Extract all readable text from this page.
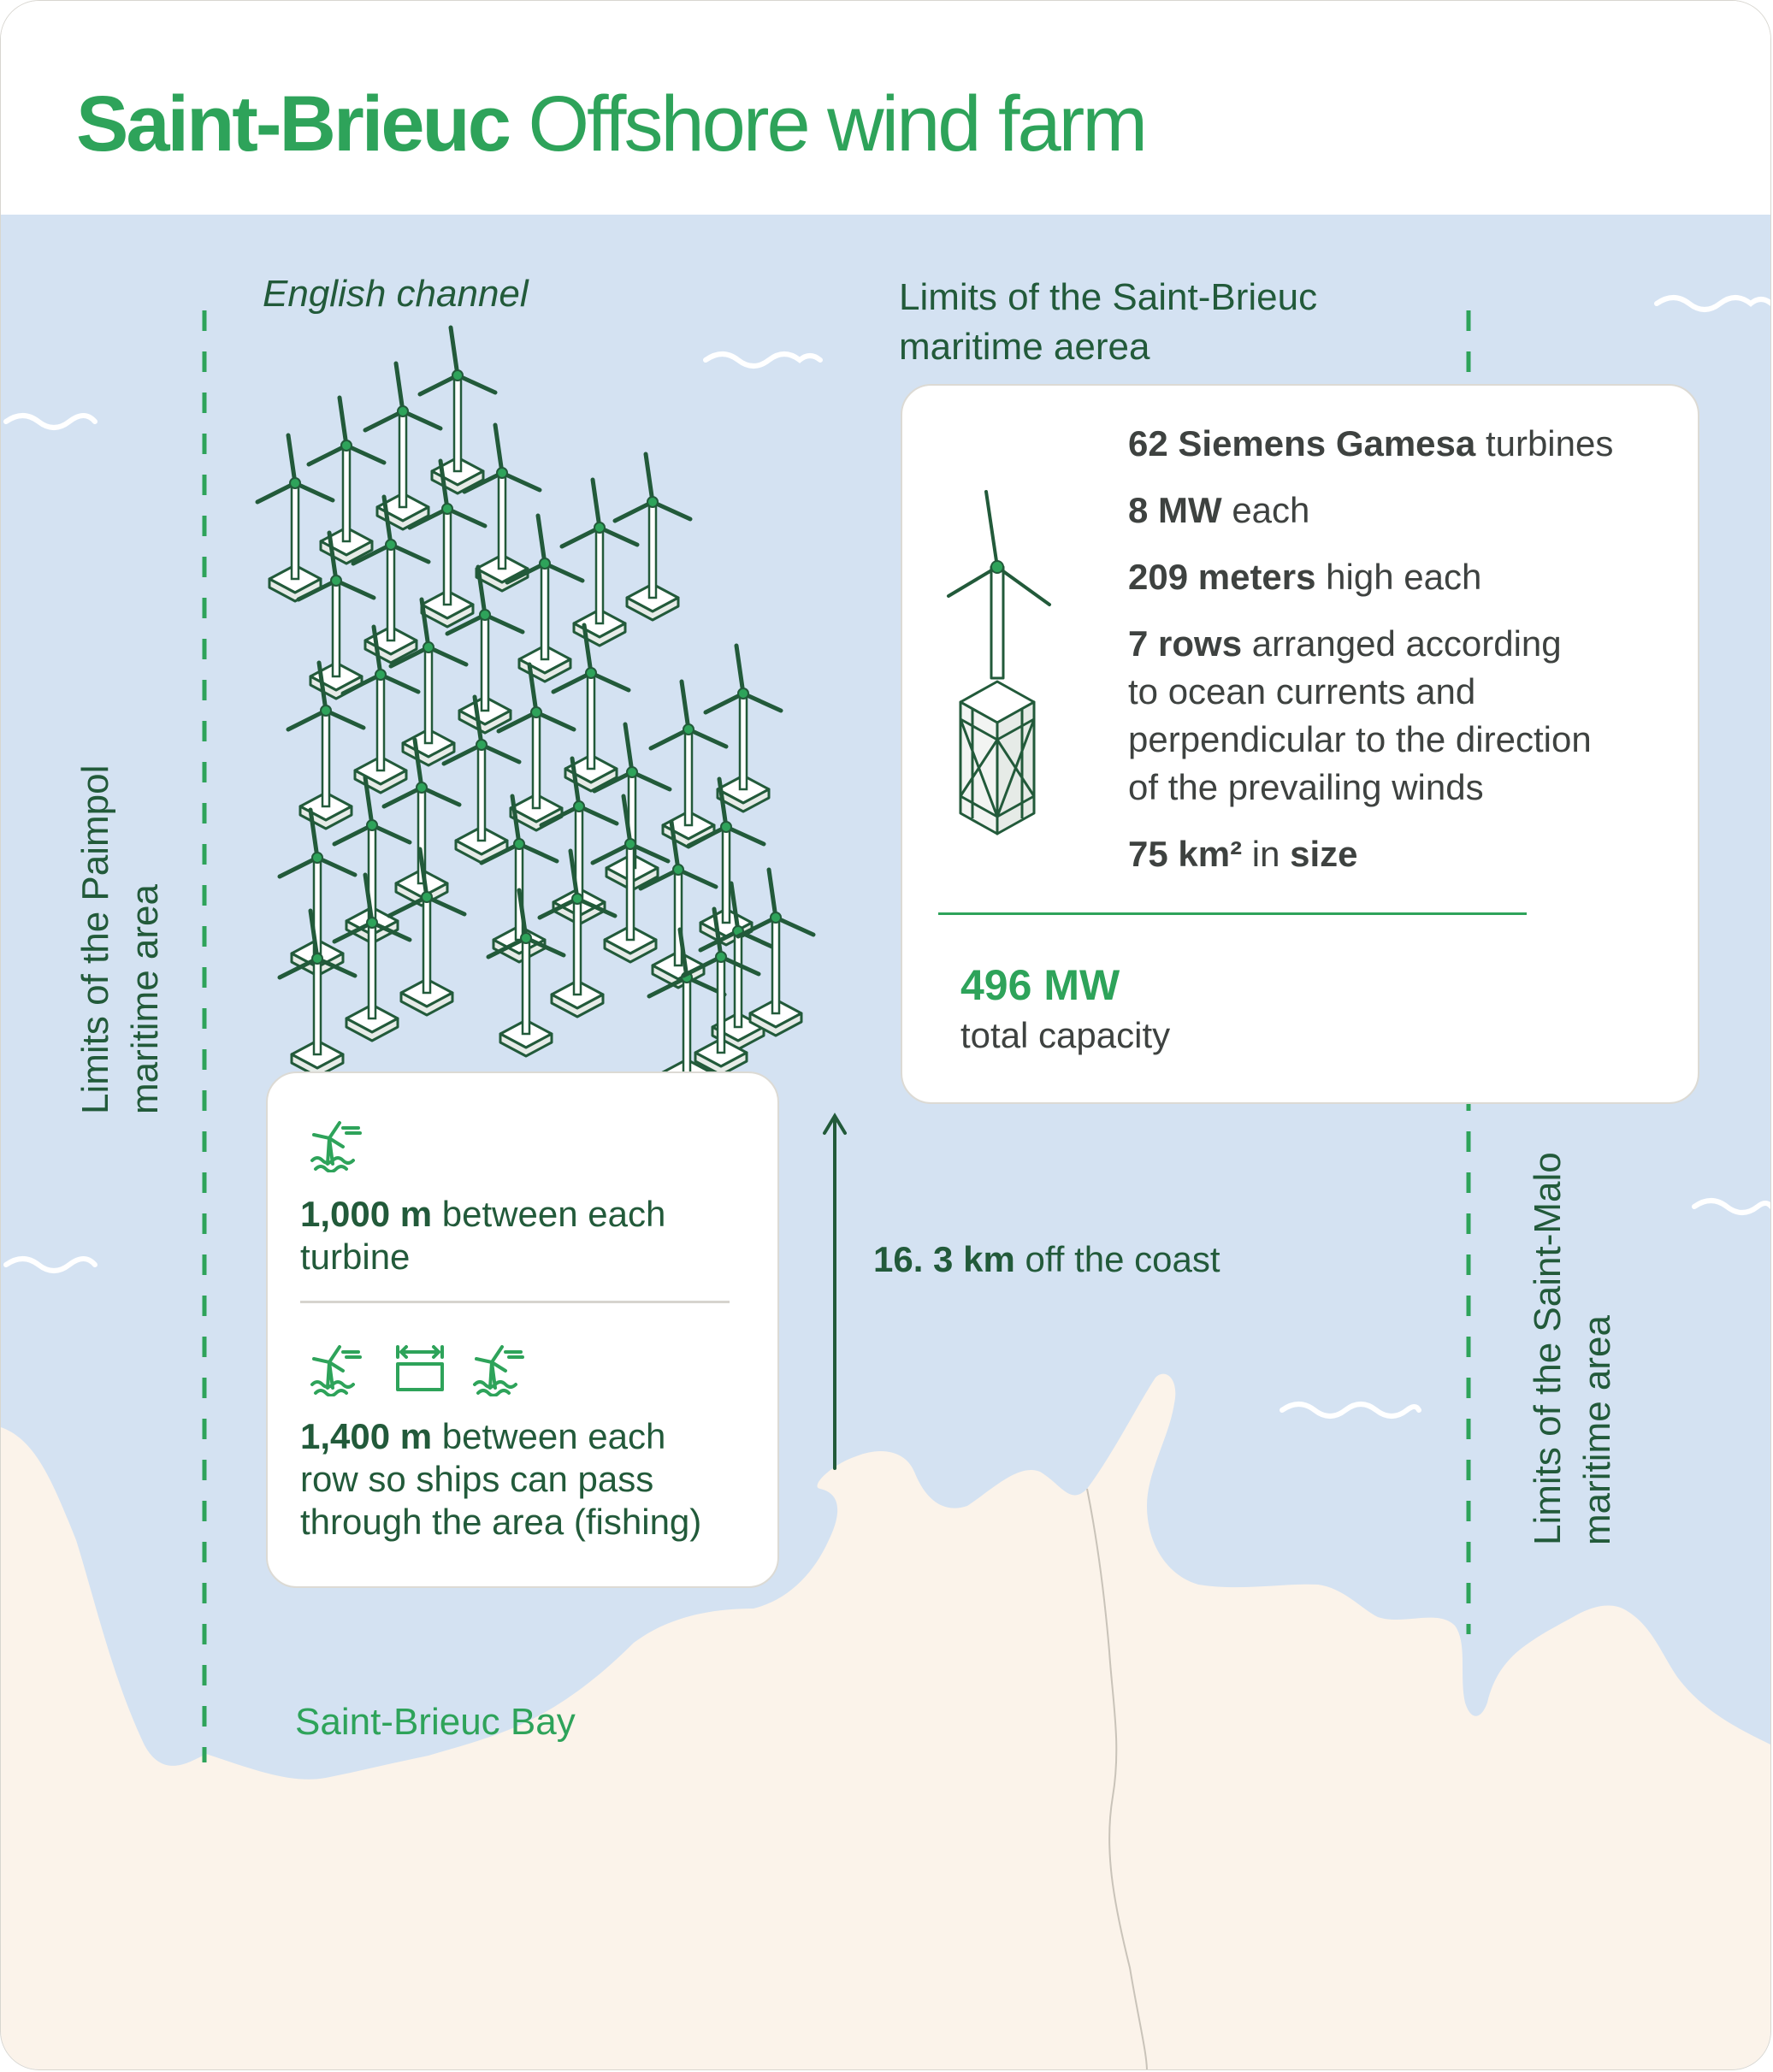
Saint-Brieuc Offshore wind farm
English channel	Limits of the Saint-Brieuc
maritime aerea
Limits of the Paimpol maritime area
Limits of the Saint-Malo maritime area
Saint-Brieuc Bay
16. 3 km off the coast
62 Siemens Gamesa turbines
8 MW each
209 meters high each
7 rows arranged according
to ocean currents and
perpendicular to the direction
of the prevailing winds
75 km² in size
496 MW
total capacity
1,000 m between each
turbine
1,400 m between each
row so ships can pass
through the area (fishing)
